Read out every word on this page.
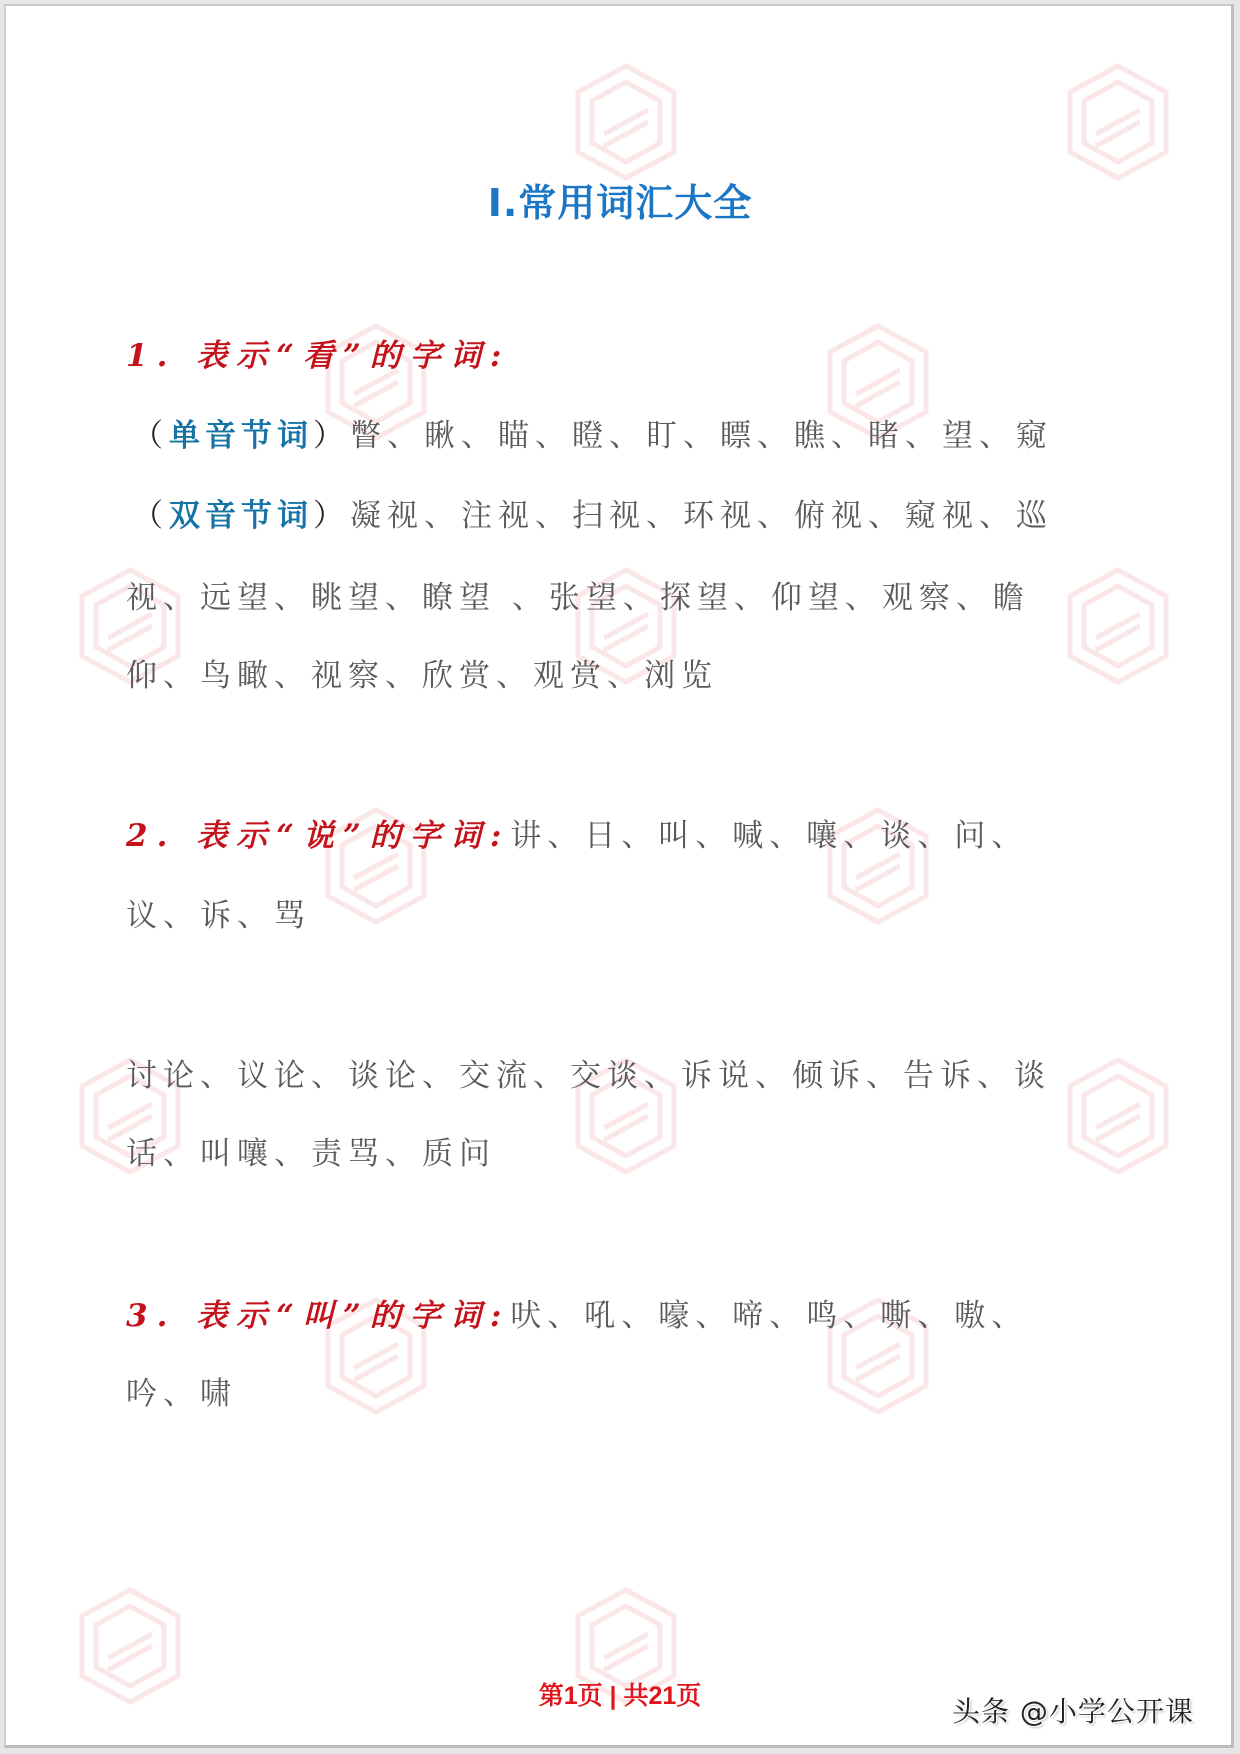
I.常用词汇大全
1. 表示“看”的字词:
（单音节词）瞥、瞅、瞄、瞪、盯、瞟、瞧、睹、望、窥
（双音节词）凝视、注视、扫视、环视、俯视、窥视、巡
视、远望、眺望、瞭望 、张望、探望、仰望、观察、瞻
仰、鸟瞰、视察、欣赏、观赏、浏览
2. 表示“说”的字词:讲、日、叫、喊、嚷、谈、问、
议、诉、骂
讨论、议论、谈论、交流、交谈、诉说、倾诉、告诉、谈
话、叫嚷、责骂、质问
3. 表示“叫”的字词:吠、吼、嚎、啼、鸣、嘶、嗷、
吟、啸
第1页 | 共21页	头条 @小学公开课
